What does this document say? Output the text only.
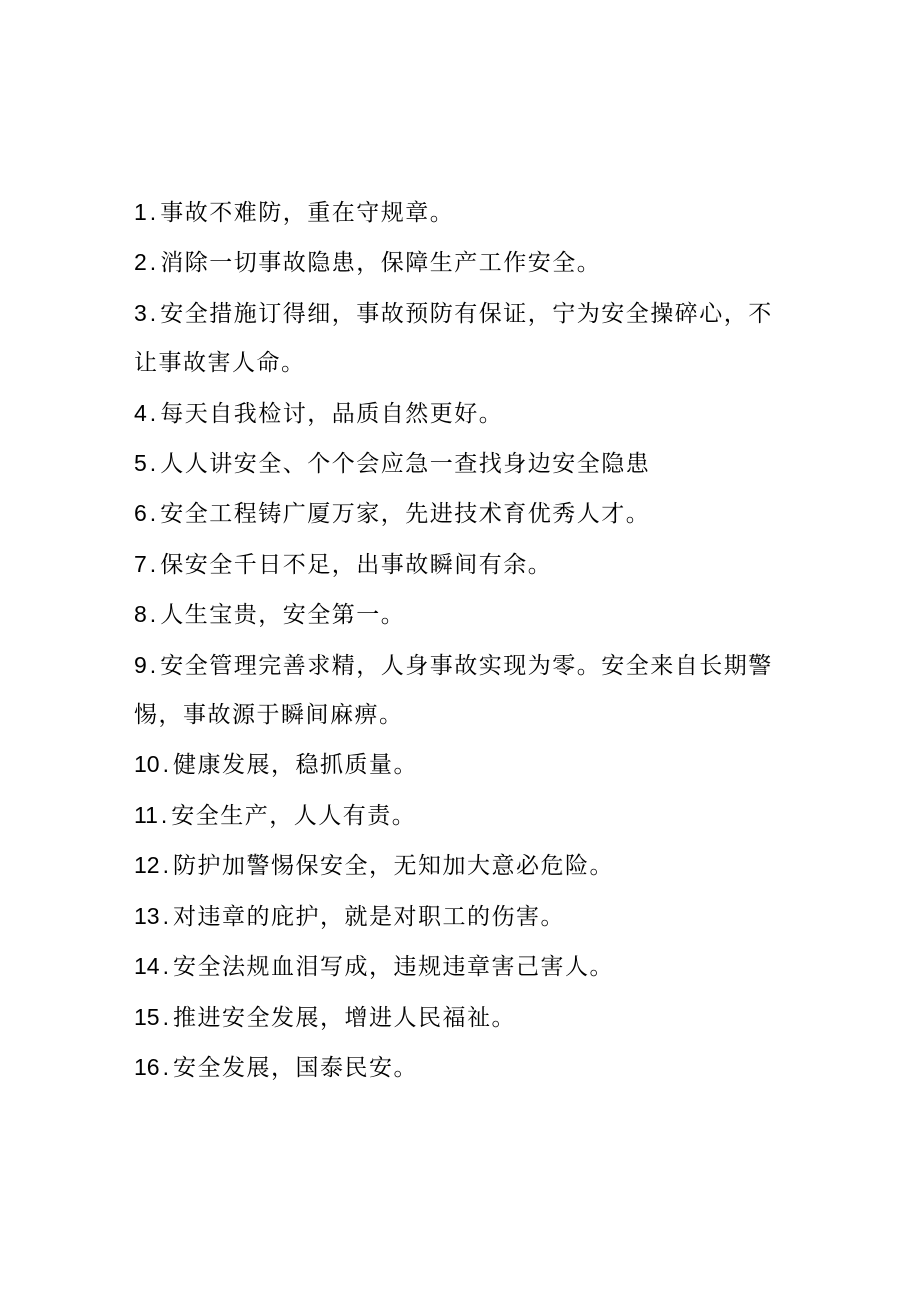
1 . 事故不难防，重在守规章。
2 . 消除一切事故隐患，保障生产工作安全。
3 . 安全措施订得细，事故预防有保证，宁为安全操碎心，不让事故害人命。
4 . 每天自我检讨，品质自然更好。
5 . 人人讲安全、个个会应急一查找身边安全隐患
6 . 安全工程铸广厦万家，先进技术育优秀人才。
7 . 保安全千日不足，出事故瞬间有余。
8 . 人生宝贵，安全第一。
9 . 安全管理完善求精，人身事故实现为零。安全来自长期警惕，事故源于瞬间麻痹。
10 . 健康发展，稳抓质量。
11 . 安全生产，人人有责。
12 . 防护加警惕保安全，无知加大意必危险。
13 . 对违章的庇护，就是对职工的伤害。
14 . 安全法规血泪写成，违规违章害己害人。
15 . 推进安全发展，增进人民福祉。
16 . 安全发展，国泰民安。
